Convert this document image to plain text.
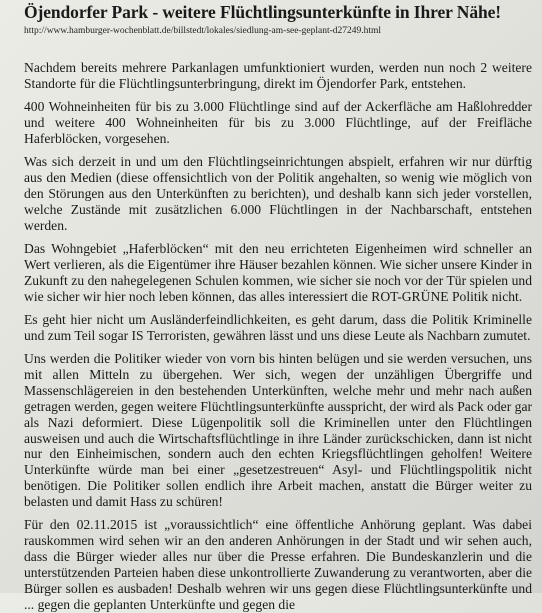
Öjendorfer Park - weitere Flüchtlingsunterkünfte in Ihrer Nähe!
http://www.hamburger-wochenblatt.de/billstedt/lokales/siedlung-am-see-geplant-d27249.html

Nachdem bereits mehrere Parkanlagen umfunktioniert wurden, werden nun noch 2 weitere Standorte für die Flüchtlingsunterbringung, direkt im Öjendorfer Park, entstehen.

400 Wohneinheiten für bis zu 3.000 Flüchtlinge sind auf der Ackerfläche am Haßlohredder und weitere 400 Wohneinheiten für bis zu 3.000 Flüchtlinge, auf der Freifläche Haferblöcken, vorgesehen.

Was sich derzeit in und um den Flüchtlingseinrichtungen abspielt, erfahren wir nur dürftig aus den Medien (diese offensichtlich von der Politik angehalten, so wenig wie möglich von den Störungen aus den Unterkünften zu berichten), und deshalb kann sich jeder vorstellen, welche Zustände mit zusätzlichen 6.000 Flüchtlingen in der Nachbarschaft, entstehen werden.

Das Wohngebiet „Haferblöcken“ mit den neu errichteten Eigenheimen wird schneller an Wert verlieren, als die Eigentümer ihre Häuser bezahlen können. Wie sicher unsere Kinder in Zukunft zu den nahegelegenen Schulen kommen, wie sicher sie noch vor der Tür spielen und wie sicher wir hier noch leben können, das alles interessiert die ROT-GRÜNE Politik nicht.

Es geht hier nicht um Ausländerfeindlichkeiten, es geht darum, dass die Politik Kriminelle und zum Teil sogar IS Terroristen, gewähren lässt und uns diese Leute als Nachbarn zumutet.

Uns werden die Politiker wieder von vorn bis hinten belügen und sie werden versuchen, uns mit allen Mitteln zu übergehen. Wer sich, wegen der unzähligen Übergriffe und Massenschlägereien in den bestehenden Unterkünften, welche mehr und mehr nach außen getragen werden, gegen weitere Flüchtlingsunterkünfte ausspricht, der wird als Pack oder gar als Nazi deformiert. Diese Lügenpolitik soll die Kriminellen unter den Flüchtlingen ausweisen und auch die Wirtschaftsflüchtlinge in ihre Länder zurückschicken, dann ist nicht nur den Einheimischen, sondern auch den echten Kriegsflüchtlingen geholfen! Weitere Unterkünfte würde man bei einer „gesetzestreuen“ Asyl- und Flüchtlingspolitik nicht benötigen. Die Politiker sollen endlich ihre Arbeit machen, anstatt die Bürger weiter zu belasten und damit Hass zu schüren!

Für den 02.11.2015 ist „voraussichtlich“ eine öffentliche Anhörung geplant. Was dabei rauskommen wird sehen wir an den anderen Anhörungen in der Stadt und wir sehen auch, dass die Bürger wieder alles nur über die Presse erfahren. Die Bundeskanzlerin und die unterstützenden Parteien haben diese unkontrollierte Zuwanderung zu verantworten, aber die Bürger sollen es ausbaden! Deshalb wehren wir uns gegen diese Flüchtlingsunterkünfte und ... gegen die geplanten Unterkünfte und gegen die
